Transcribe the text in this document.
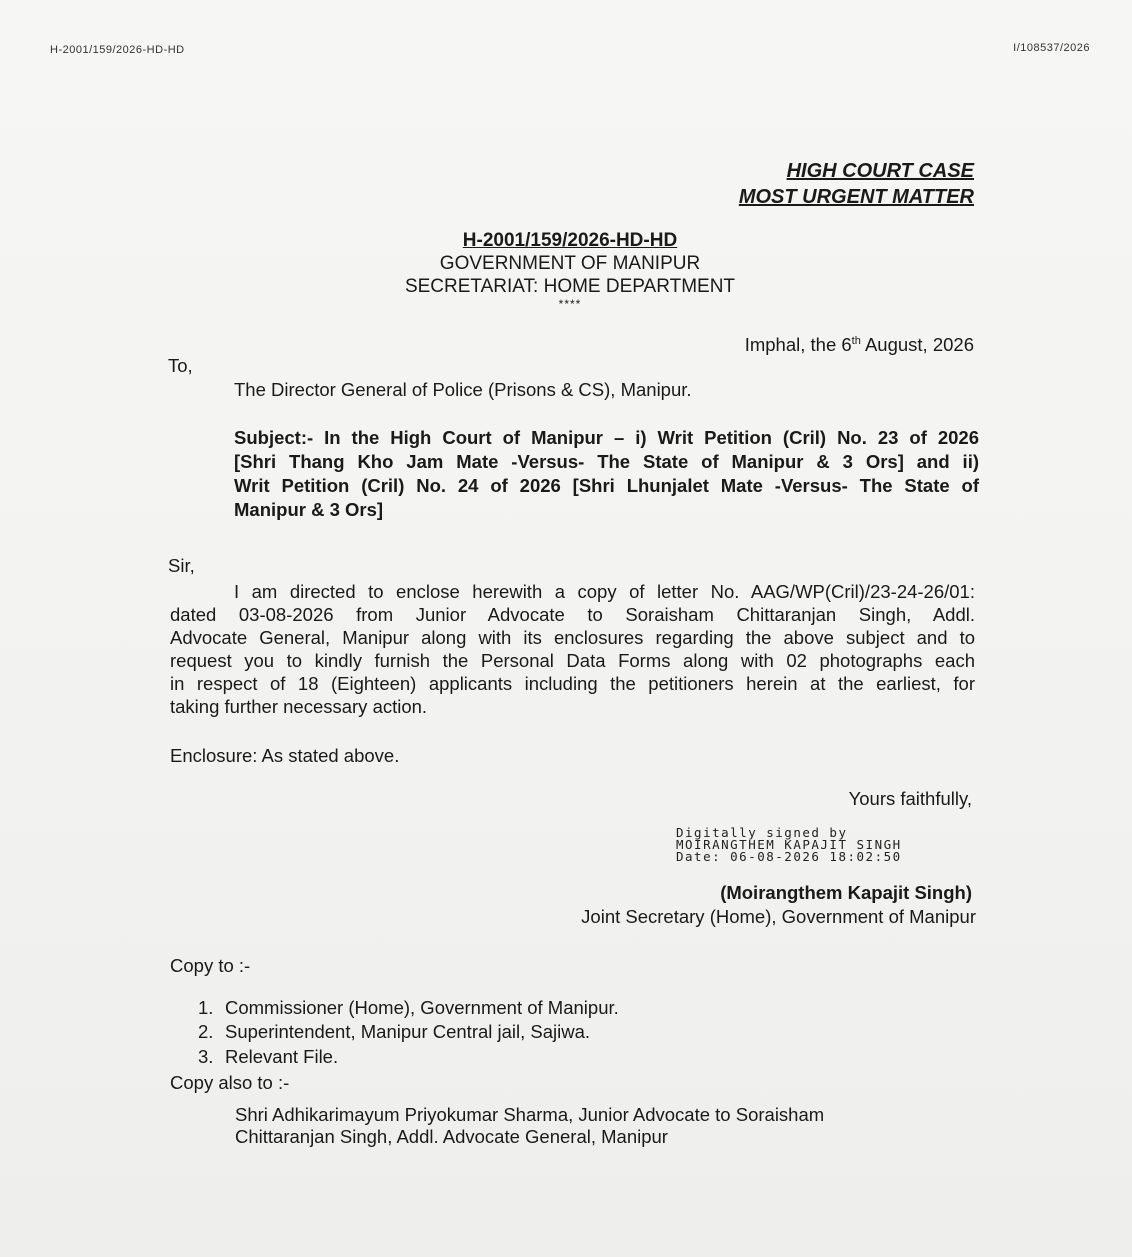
H-2001/159/2026-HD-HD	I/108537/2026
HIGH COURT CASE
MOST URGENT MATTER
H-2001/159/2026-HD-HD
GOVERNMENT OF MANIPUR
SECRETARIAT: HOME DEPARTMENT
****
Imphal, the 6th August, 2026
To,
The Director General of Police (Prisons & CS), Manipur.
Subject:- In the High Court of Manipur – i) Writ Petition (Cril) No. 23 of 2026
[Shri Thang Kho Jam Mate -Versus- The State of Manipur & 3 Ors] and ii)
Writ Petition (Cril) No. 24 of 2026 [Shri Lhunjalet Mate -Versus- The State of
Manipur & 3 Ors]
Sir,
I am directed to enclose herewith a copy of letter No. AAG/WP(Cril)/23-24-26/01:
dated 03-08-2026 from Junior Advocate to Soraisham Chittaranjan Singh, Addl.
Advocate General, Manipur along with its enclosures regarding the above subject and to
request you to kindly furnish the Personal Data Forms along with 02 photographs each
in respect of 18 (Eighteen) applicants including the petitioners herein at the earliest, for
taking further necessary action.
Enclosure: As stated above.
Yours faithfully,
Digitally signed by
MOIRANGTHEM KAPAJIT SINGH
Date: 06-08-2026 18:02:50
(Moirangthem Kapajit Singh)
Joint Secretary (Home), Government of Manipur
Copy to :-
1. Commissioner (Home), Government of Manipur.
2. Superintendent, Manipur Central jail, Sajiwa.
3. Relevant File.
Copy also to :-
Shri Adhikarimayum Priyokumar Sharma, Junior Advocate to Soraisham
Chittaranjan Singh, Addl. Advocate General, Manipur
